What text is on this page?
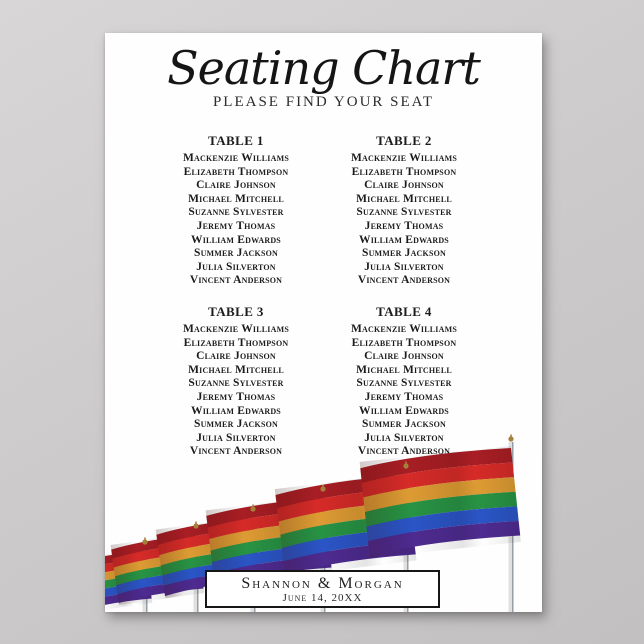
Seating Chart
PLEASE FIND YOUR SEAT
TABLE 1
Mackenzie Williams
Elizabeth Thompson
Claire Johnson
Michael Mitchell
Suzanne Sylvester
Jeremy Thomas
William Edwards
Summer Jackson
Julia Silverton
Vincent Anderson
TABLE 2
Mackenzie Williams
Elizabeth Thompson
Claire Johnson
Michael Mitchell
Suzanne Sylvester
Jeremy Thomas
William Edwards
Summer Jackson
Julia Silverton
Vincent Anderson
TABLE 3
Mackenzie Williams
Elizabeth Thompson
Claire Johnson
Michael Mitchell
Suzanne Sylvester
Jeremy Thomas
William Edwards
Summer Jackson
Julia Silverton
Vincent Anderson
TABLE 4
Mackenzie Williams
Elizabeth Thompson
Claire Johnson
Michael Mitchell
Suzanne Sylvester
Jeremy Thomas
William Edwards
Summer Jackson
Julia Silverton
Vincent Anderson
Shannon & Morgan
June 14, 20XX
